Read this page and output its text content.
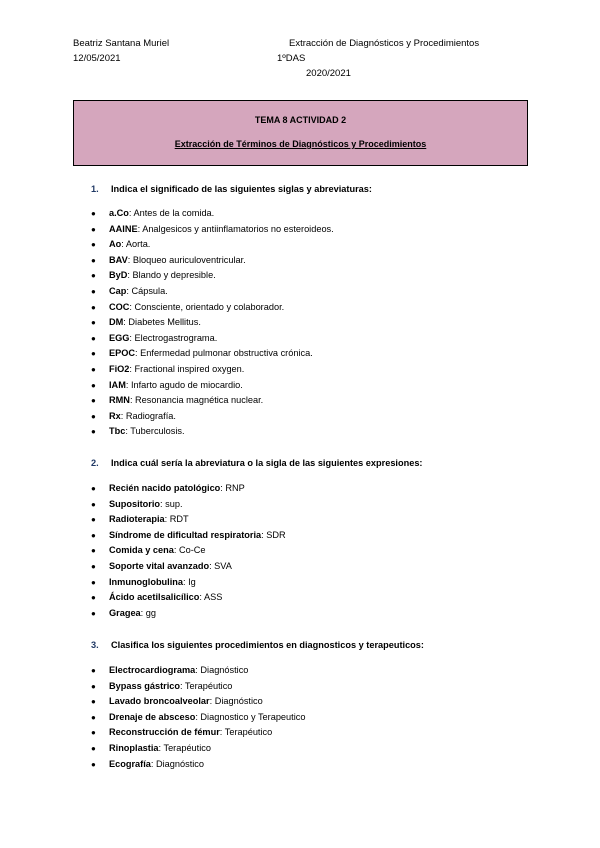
Beatriz Santana Muriel
12/05/2021
Extracción de Diagnósticos y Procedimientos
1ºDAS
2020/2021
TEMA 8 ACTIVIDAD 2
Extracción de Términos de Diagnósticos y Procedimientos
1. Indica el significado de las siguientes siglas y abreviaturas:
● a.Co: Antes de la comida.
● AAINE: Analgesicos y antiinflamatorios no esteroideos.
● Ao: Aorta.
● BAV: Bloqueo auriculoventricular.
● ByD: Blando y depresible.
● Cap: Cápsula.
● COC: Consciente, orientado y colaborador.
● DM: Diabetes Mellitus.
● EGG: Electrogastrograma.
● EPOC: Enfermedad pulmonar obstructiva crónica.
● FiO2: Fractional inspired oxygen.
● IAM: Infarto agudo de miocardio.
● RMN: Resonancia magnética nuclear.
● Rx: Radiografía.
● Tbc: Tuberculosis.
2. Indica cuál sería la abreviatura o la sigla de las siguientes expresiones:
● Recién nacido patológico: RNP
● Supositorio: sup.
● Radioterapia: RDT
● Síndrome de dificultad respiratoria: SDR
● Comida y cena: Co-Ce
● Soporte vital avanzado: SVA
● Inmunoglobulina: Ig
● Ácido acetilsalicílico: ASS
● Gragea: gg
3. Clasifica los siguientes procedimientos en diagnosticos y terapeuticos:
● Electrocardiograma: Diagnóstico
● Bypass gástrico: Terapéutico
● Lavado broncoalveolar: Diagnóstico
● Drenaje de absceso: Diagnostico y Terapeutico
● Reconstrucción de fémur: Terapéutico
● Rinoplastia: Terapéutico
● Ecografía: Diagnóstico
